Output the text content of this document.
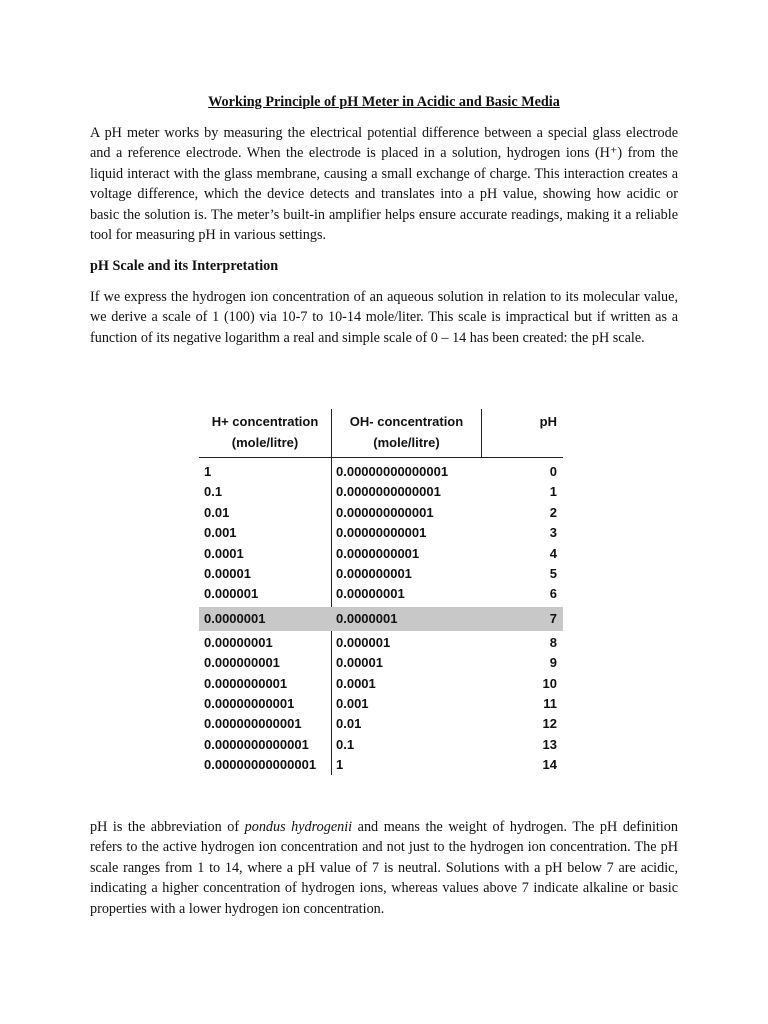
Working Principle of pH Meter in Acidic and Basic Media

A pH meter works by measuring the electrical potential difference between a special glass electrode and a reference electrode. When the electrode is placed in a solution, hydrogen ions (H⁺) from the liquid interact with the glass membrane, causing a small exchange of charge. This interaction creates a voltage difference, which the device detects and translates into a pH value, showing how acidic or basic the solution is. The meter’s built-in amplifier helps ensure accurate readings, making it a reliable tool for measuring pH in various settings.

pH Scale and its Interpretation

If we express the hydrogen ion concentration of an aqueous solution in relation to its molecular value, we derive a scale of 1 (100) via 10-7 to 10-14 mole/liter. This scale is impractical but if written as a function of its negative logarithm a real and simple scale of 0 – 14 has been created: the pH scale.

H+ concentration
(mole/litre)
OH- concentration
(mole/litre)
pH
1	0.00000000000001	0
0.1	0.0000000000001	1
0.01	0.000000000001	2
0.001	0.00000000001	3
0.0001	0.0000000001	4
0.00001	0.000000001	5
0.000001	0.00000001	6
0.0000001	0.0000001	7
0.00000001	0.000001	8
0.000000001	0.00001	9
0.0000000001	0.0001	10
0.00000000001	0.001	11
0.000000000001	0.01	12
0.0000000000001 0.1	13
0.00000000000001 1	14

pH is the abbreviation of pondus hydrogenii and means the weight of hydrogen. The pH definition refers to the active hydrogen ion concentration and not just to the hydrogen ion concentration. The pH scale ranges from 1 to 14, where a pH value of 7 is neutral. Solutions with a pH below 7 are acidic, indicating a higher concentration of hydrogen ions, whereas values above 7 indicate alkaline or basic properties with a lower hydrogen ion concentration.
